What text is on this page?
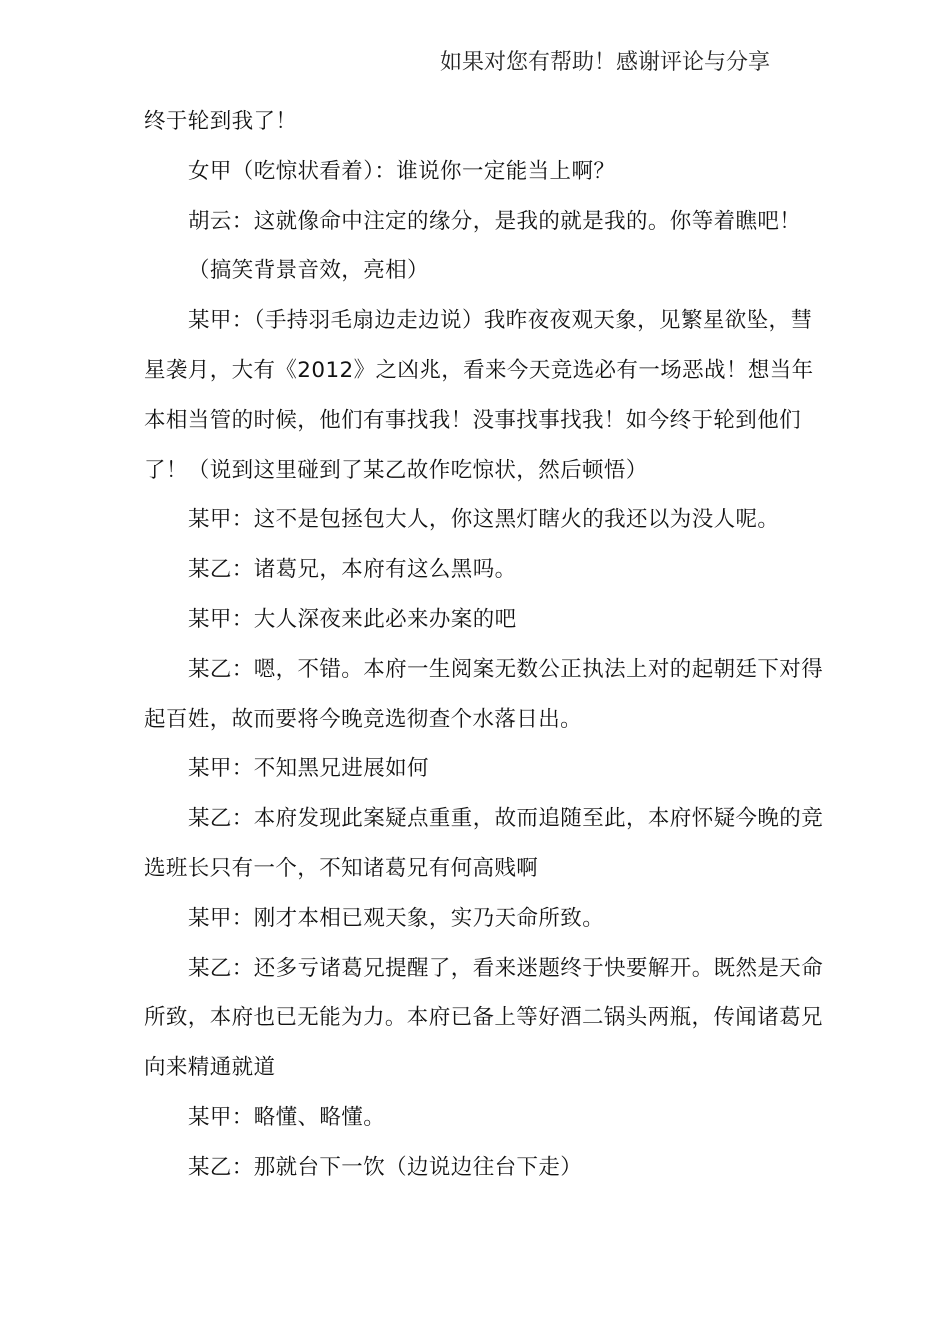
如果对您有帮助！感谢评论与分享

终于轮到我了！

女甲（吃惊状看着）：谁说你一定能当上啊？

胡云：这就像命中注定的缘分，是我的就是我的。你等着瞧吧！

（搞笑背景音效，亮相）

某甲：（手持羽毛扇边走边说）我昨夜夜观天象，见繁星欲坠，彗星袭月，大有《2012》之凶兆，看来今天竞选必有一场恶战！想当年本相当管的时候，他们有事找我！没事找事找我！如今终于轮到他们了！（说到这里碰到了某乙故作吃惊状，然后顿悟）

某甲：这不是包拯包大人，你这黑灯瞎火的我还以为没人呢。

某乙：诸葛兄，本府有这么黑吗。

某甲：大人深夜来此必来办案的吧

某乙：嗯，不错。本府一生阅案无数公正执法上对的起朝廷下对得起百姓，故而要将今晚竞选彻查个水落日出。

某甲：不知黑兄进展如何

某乙：本府发现此案疑点重重，故而追随至此，本府怀疑今晚的竞选班长只有一个，不知诸葛兄有何高贱啊

某甲：刚才本相已观天象，实乃天命所致。

某乙：还多亏诸葛兄提醒了，看来迷题终于快要解开。既然是天命所致，本府也已无能为力。本府已备上等好酒二锅头两瓶，传闻诸葛兄向来精通就道

某甲：略懂、略懂。

某乙：那就台下一饮（边说边往台下走）
